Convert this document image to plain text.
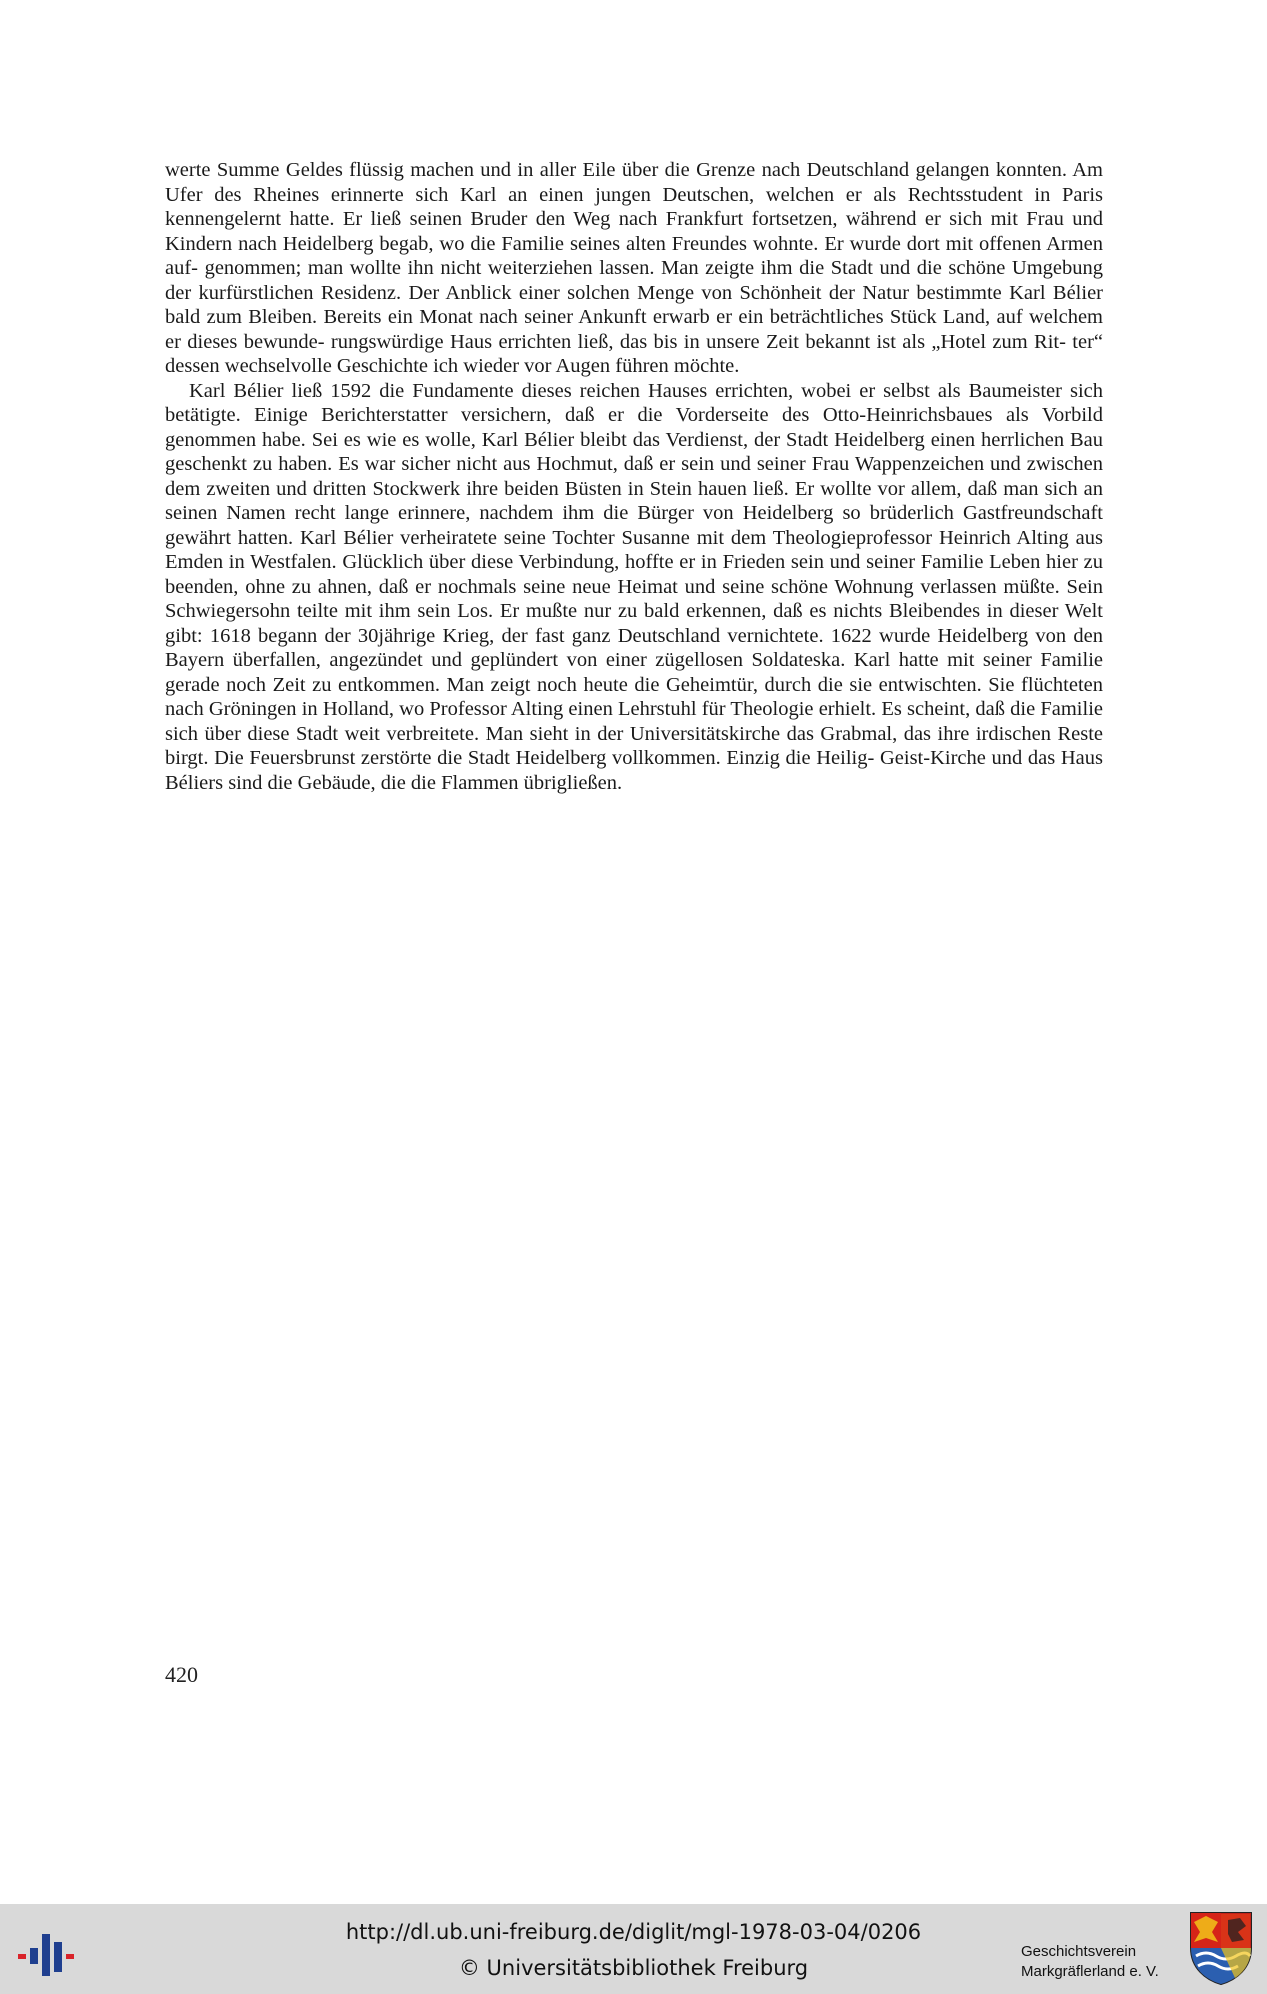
werte Summe Geldes flüssig machen und in aller Eile über die Grenze nach Deutschland gelangen konnten. Am Ufer des Rheines erinnerte sich Karl an einen jungen Deutschen, welchen er als Rechtsstudent in Paris kennengelernt hatte. Er ließ seinen Bruder den Weg nach Frankfurt fortsetzen, während er sich mit Frau und Kindern nach Heidelberg begab, wo die Familie seines alten Freundes wohnte. Er wurde dort mit offenen Armen auf- genommen; man wollte ihn nicht weiterziehen lassen. Man zeigte ihm die Stadt und die schöne Umgebung der kurfürstlichen Residenz. Der Anblick einer solchen Menge von Schönheit der Natur bestimmte Karl Bélier bald zum Bleiben. Bereits ein Monat nach seiner Ankunft erwarb er ein beträchtliches Stück Land, auf welchem er dieses bewunde- rungswürdige Haus errichten ließ, das bis in unsere Zeit bekannt ist als „Hotel zum Rit- ter“ dessen wechselvolle Geschichte ich wieder vor Augen führen möchte.

Karl Bélier ließ 1592 die Fundamente dieses reichen Hauses errichten, wobei er selbst als Baumeister sich betätigte. Einige Berichterstatter versichern, daß er die Vorderseite des Otto-Heinrichsbaues als Vorbild genommen habe. Sei es wie es wolle, Karl Bélier bleibt das Verdienst, der Stadt Heidelberg einen herrlichen Bau geschenkt zu haben. Es war sicher nicht aus Hochmut, daß er sein und seiner Frau Wappenzeichen und zwischen dem zweiten und dritten Stockwerk ihre beiden Büsten in Stein hauen ließ. Er wollte vor allem, daß man sich an seinen Namen recht lange erinnere, nachdem ihm die Bürger von Heidelberg so brüderlich Gastfreundschaft gewährt hatten. Karl Bélier verheiratete seine Tochter Susanne mit dem Theologieprofessor Heinrich Alting aus Emden in Westfalen. Glücklich über diese Verbindung, hoffte er in Frieden sein und seiner Familie Leben hier zu beenden, ohne zu ahnen, daß er nochmals seine neue Heimat und seine schöne Wohnung verlassen müßte. Sein Schwiegersohn teilte mit ihm sein Los. Er mußte nur zu bald erkennen, daß es nichts Bleibendes in dieser Welt gibt: 1618 begann der 30jährige Krieg, der fast ganz Deutschland vernichtete. 1622 wurde Heidelberg von den Bayern überfallen, angezündet und geplündert von einer zügellosen Soldateska. Karl hatte mit seiner Familie gerade noch Zeit zu entkommen. Man zeigt noch heute die Geheimtür, durch die sie entwischten. Sie flüchteten nach Gröningen in Holland, wo Professor Alting einen Lehrstuhl für Theologie erhielt. Es scheint, daß die Familie sich über diese Stadt weit verbreitete. Man sieht in der Universitätskirche das Grabmal, das ihre irdischen Reste birgt. Die Feuersbrunst zerstörte die Stadt Heidelberg vollkommen. Einzig die Heilig- Geist-Kirche und das Haus Béliers sind die Gebäude, die die Flammen übrigließen.

420
http://dl.ub.uni-freiburg.de/diglit/mgl-1978-03-04/0206
© Universitätsbibliothek Freiburg
Geschichtsverein
Markgräflerland e. V.
